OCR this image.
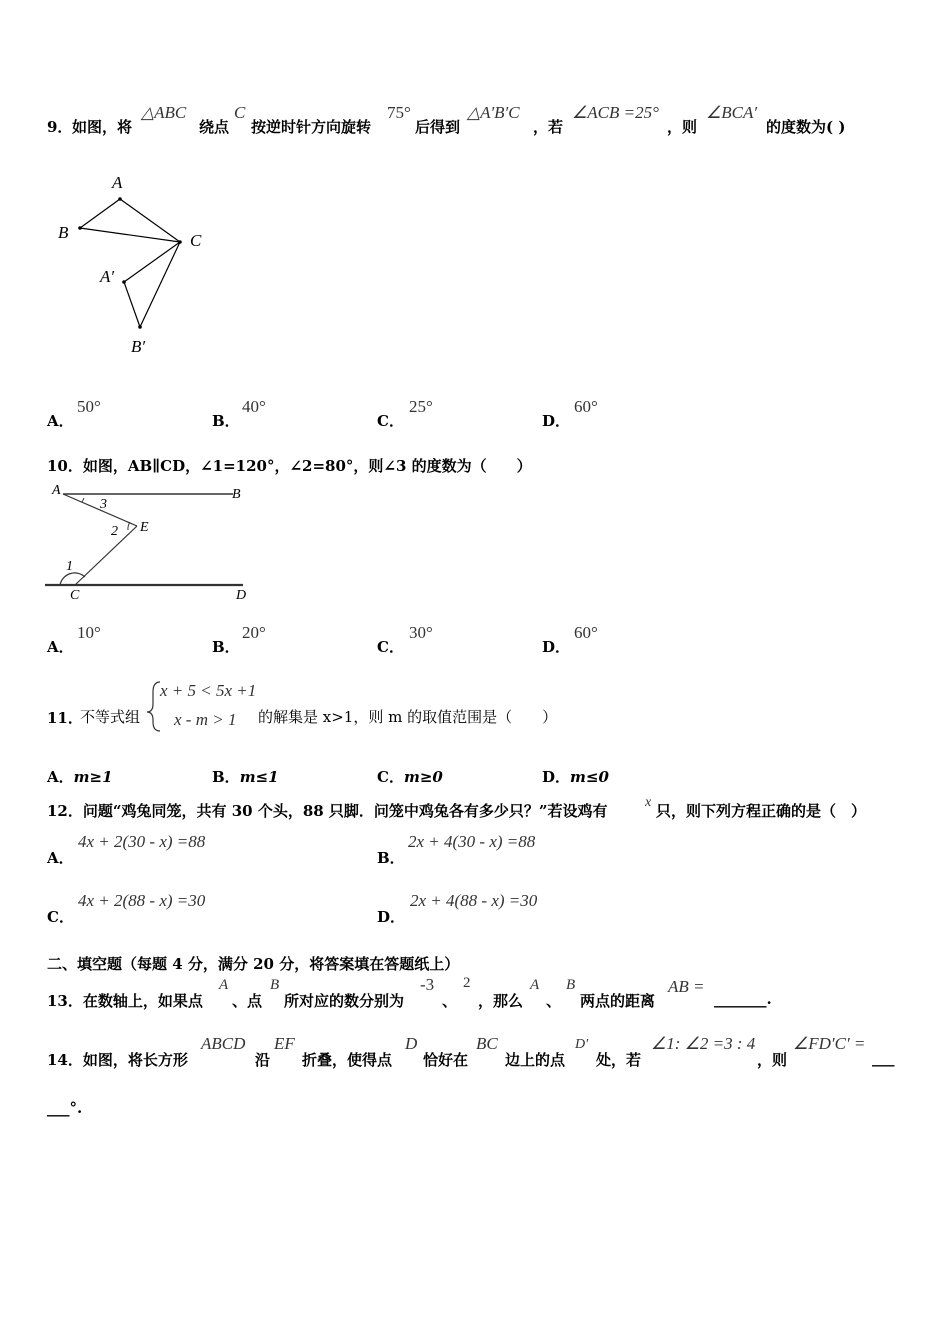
9． 如图，将
△ABC
绕点
C
按逆时针方向旋转
75°
后得到
△A′B′C
，若
∠ACB =25°
，则
∠BCA′
的度数为( )
A
B	C
A′
B′
A．
50°
B．
40°
C．
25°
D．
60°
10．如图，AB∥CD，∠1=120°，∠2=80°，则∠3 的度数为（　　）
A	B
C	D
E
1
2
3
A．
10°
B．
20°
C．
30°
D．
60°
11．
不等式组
x + 5 < 5x +1
x - m > 1 的解集是 x>1，则 m 的取值范围是（　　）
A．m≥1	B．m≤1	C．m≥0	D．m≤0
12．问题“鸡兔同笼，共有 30 个头，88 只脚．问笼中鸡兔各有多少只？”若设鸡有	x 只，则下列方程正确的是（　）
A．
4x + 2(30 - x) =88
B．
2x + 4(30 - x) =88
C．
4x + 2(88 - x) =30
D．
2x + 4(88 - x) =30
二、填空题（每题 4 分，满分 20 分，将答案填在答题纸上）
13．在数轴上，如果点
A
、点
B
所对应的数分别为
-3
、
2
，那么
A
、
B
两点的距离
AB =
_______.
14．如图，将长方形
ABCD
沿
EF
折叠，使得点
D
恰好在
BC
边上的点
D′
处，若
∠1: ∠2 =3 : 4
，则
∠FD′C′ =
___
___°.
